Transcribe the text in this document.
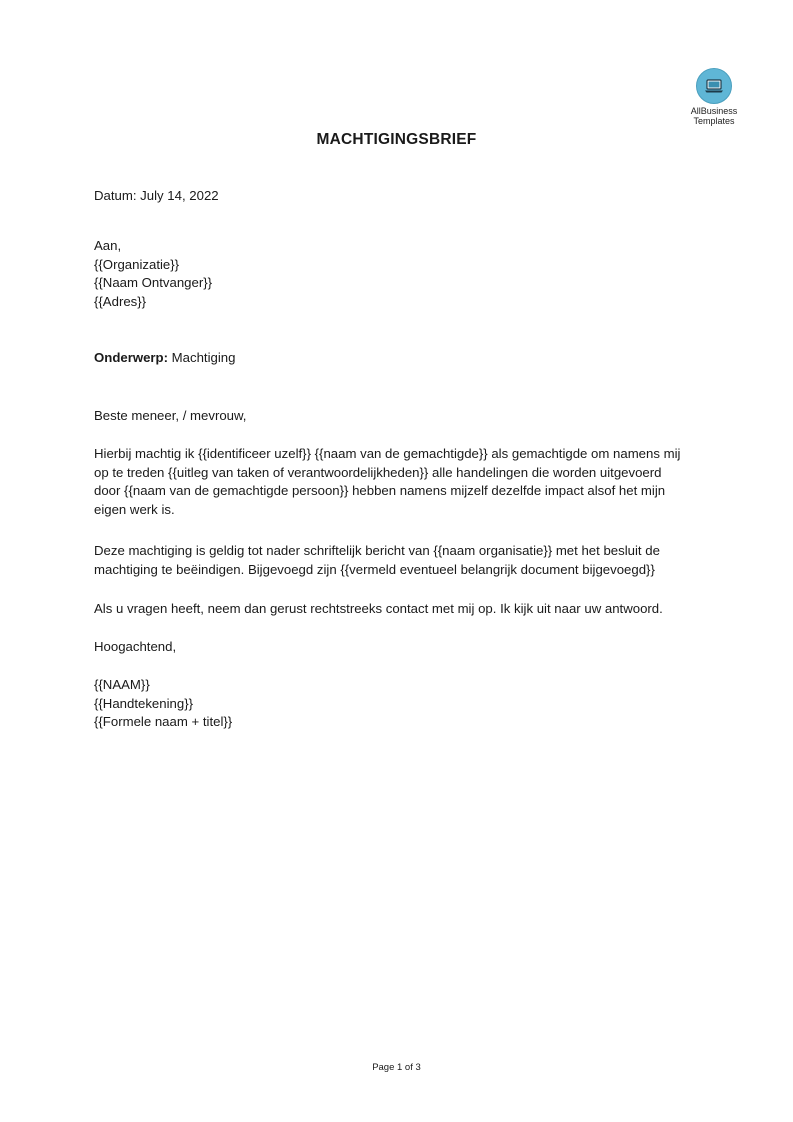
AllBusiness
Templates
MACHTIGINGSBRIEF
Datum: July 14, 2022
Aan,
{{Organizatie}}
{{Naam Ontvanger}}
{{Adres}}
Onderwerp: Machtiging
Beste meneer, / mevrouw,
Hierbij machtig ik {{identificeer uzelf}} {{naam van de gemachtigde}} als gemachtigde om namens mij
op te treden {{uitleg van taken of verantwoordelijkheden}} alle handelingen die worden uitgevoerd
door {{naam van de gemachtigde persoon}} hebben namens mijzelf dezelfde impact alsof het mijn
eigen werk is.
Deze machtiging is geldig tot nader schriftelijk bericht van {{naam organisatie}} met het besluit de
machtiging te beëindigen. Bijgevoegd zijn {{vermeld eventueel belangrijk document bijgevoegd}}
Als u vragen heeft, neem dan gerust rechtstreeks contact met mij op. Ik kijk uit naar uw antwoord.
Hoogachtend,
{{NAAM}}
{{Handtekening}}
{{Formele naam + titel}}
Page 1 of 3
